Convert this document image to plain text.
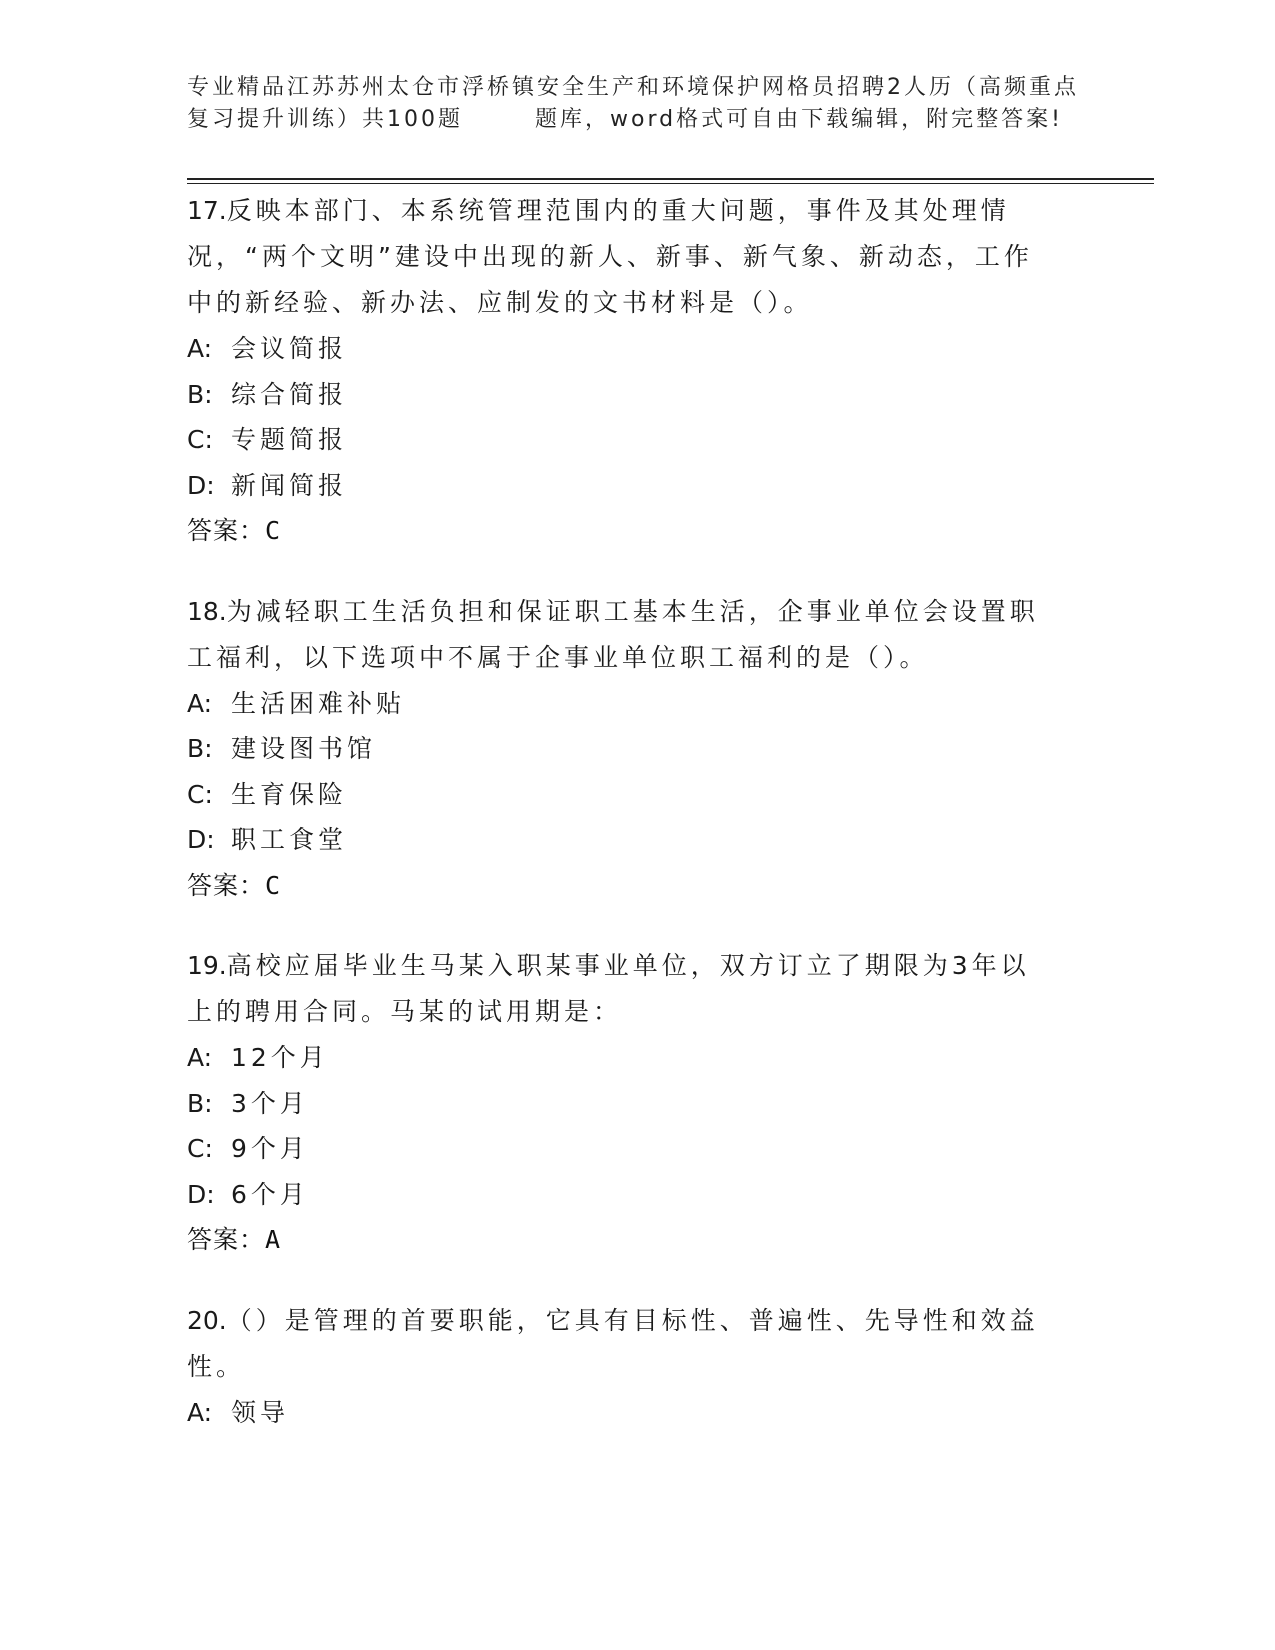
专业精品江苏苏州太仓市浮桥镇安全生产和环境保护网格员招聘2人历（高频重点
复习提升训练）共100题	题库，word格式可自由下载编辑，附完整答案!
17.反映本部门、本系统管理范围内的重大问题，事件及其处理情况，“两个文明”建设中出现的新人、新事、新气象、新动态，工作中的新经验、新办法、应制发的文书材料是（）。
A: 会议简报
B: 综合简报
C: 专题简报
D: 新闻简报
答案：C
18.为减轻职工生活负担和保证职工基本生活，企事业单位会设置职工福利，以下选项中不属于企事业单位职工福利的是（）。
A: 生活困难补贴
B: 建设图书馆
C: 生育保险
D: 职工食堂
答案：C
19.高校应届毕业生马某入职某事业单位，双方订立了期限为3年以上的聘用合同。马某的试用期是：
A: 12个月
B: 3个月
C: 9个月
D: 6个月
答案：A
20.（）是管理的首要职能，它具有目标性、普遍性、先导性和效益性。
A: 领导
